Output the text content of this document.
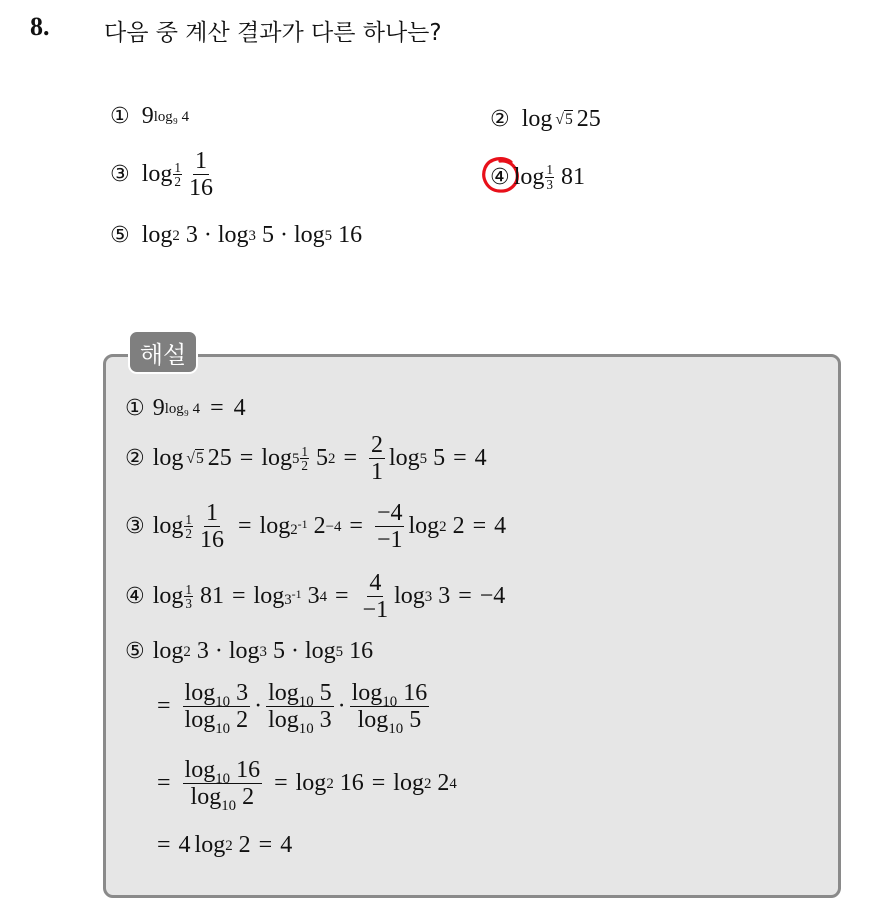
8. 다음 중 계산 결과가 다른 하나는?
① 9 log₉ 4	② log √5 25
③ $\log \frac{1}{2} \frac{1}{16}$	④ $\log \frac{1}{3} 81$
⑤ log 2 3 · log 3 5 · log 5 16
해설
① 9 log₉ 4 = 4
② log √5 $25 = \log 5 \frac{1}{2} 5$ $2 = \frac{2}{1}$ log 5 5 = 4
③ $\log \frac{1}{2} \frac{1}{16} = \log 2^{-1}$ $2 -4 = \frac{-4}{-1}$ log 2 2 = 4
④ $\log \frac{1}{3} 81 = \log 3^{-1}$ 3 $4 = \frac{4}{-1}$ log 3 3 = −4
⑤ log 2 3 · log 3 5 · log 5 16
= $\frac{\log_{10} 3}{\log_{10} 2} \cdot \frac{\log_{10} 5}{\log_{10} 3} \cdot \frac{\log_{10} 16}{\log_{10} 5}$
= $\frac{\log_{10} 16}{\log_{10} 2} = \log 2$ 16 = log 2 2 4
= 4 log 2 2 = 4
